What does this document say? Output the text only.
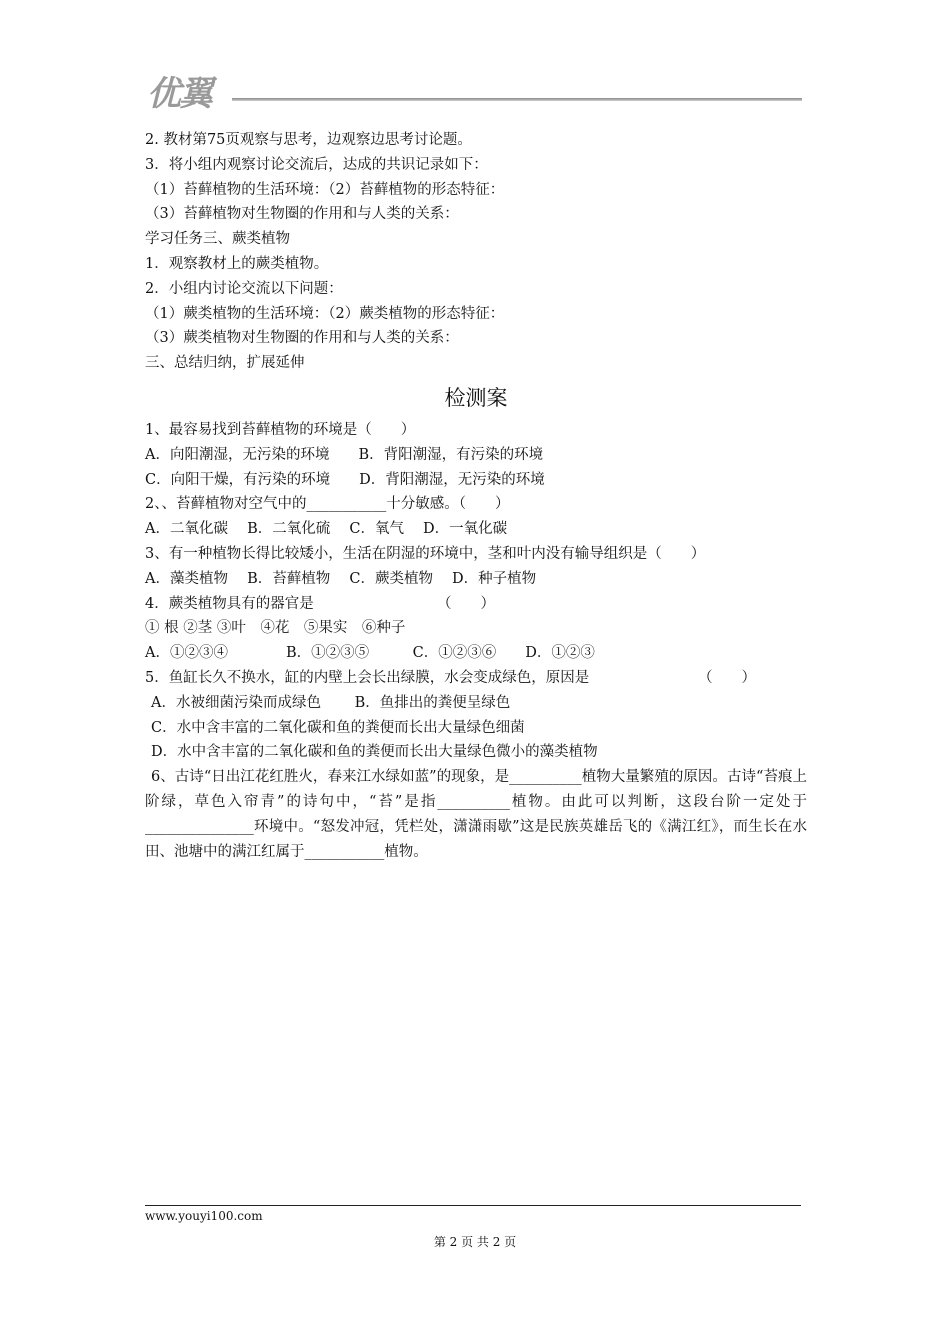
优翼
2. 教材第75页观察与思考，边观察边思考讨论题。
3．将小组内观察讨论交流后，达成的共识记录如下：
（1）苔藓植物的生活环境：（2）苔藓植物的形态特征：
（3）苔藓植物对生物圈的作用和与人类的关系：
学习任务三、蕨类植物
1．观察教材上的蕨类植物。
2．小组内讨论交流以下问题：
（1）蕨类植物的生活环境：（2）蕨类植物的形态特征：
（3）蕨类植物对生物圈的作用和与人类的关系：
三、总结归纳，扩展延伸
检测案
1、最容易找到苔藓植物的环境是（　　）
A．向阳潮湿，无污染的环境　　B．背阳潮湿，有污染的环境
C．向阳干燥，有污染的环境　　D．背阳潮湿，无污染的环境
2、、苔藓植物对空气中的___________十分敏感。（　　）
A．二氧化碳　 B．二氧化硫　 C．氧气　 D．一氧化碳
3、有一种植物长得比较矮小，生活在阴湿的环境中，茎和叶内没有输导组织是（　　）
A．藻类植物　 B．苔藓植物　 C．蕨类植物　 D．种子植物
4．蕨类植物具有的器官是　　　　　　　　　（　　）
① 根 ②茎 ③叶　④花　⑤果实　⑥种子
A．①②③④　　　　B．①②③⑤　　　C．①②③⑥　　D．①②③
5．鱼缸长久不换水，缸的内壁上会长出绿膜，水会变成绿色，原因是　　　　　　　　（　　）
A．水被细菌污染而成绿色　　 B．鱼排出的粪便呈绿色
C．水中含丰富的二氧化碳和鱼的粪便而长出大量绿色细菌
D．水中含丰富的二氧化碳和鱼的粪便而长出大量绿色微小的藻类植物
6、古诗“日出江花红胜火，春来江水绿如蓝”的现象，是__________植物大量繁殖的原因。古诗“苔痕上阶绿，草色入帘青”的诗句中，“苔”是指__________植物。由此可以判断，这段台阶一定处于_______________环境中。“怒发冲冠，凭栏处，潇潇雨歇”这是民族英雄岳飞的《满江红》，而生长在水田、池塘中的满江红属于___________植物。
www.youyi100.com
第 2 页 共 2 页
